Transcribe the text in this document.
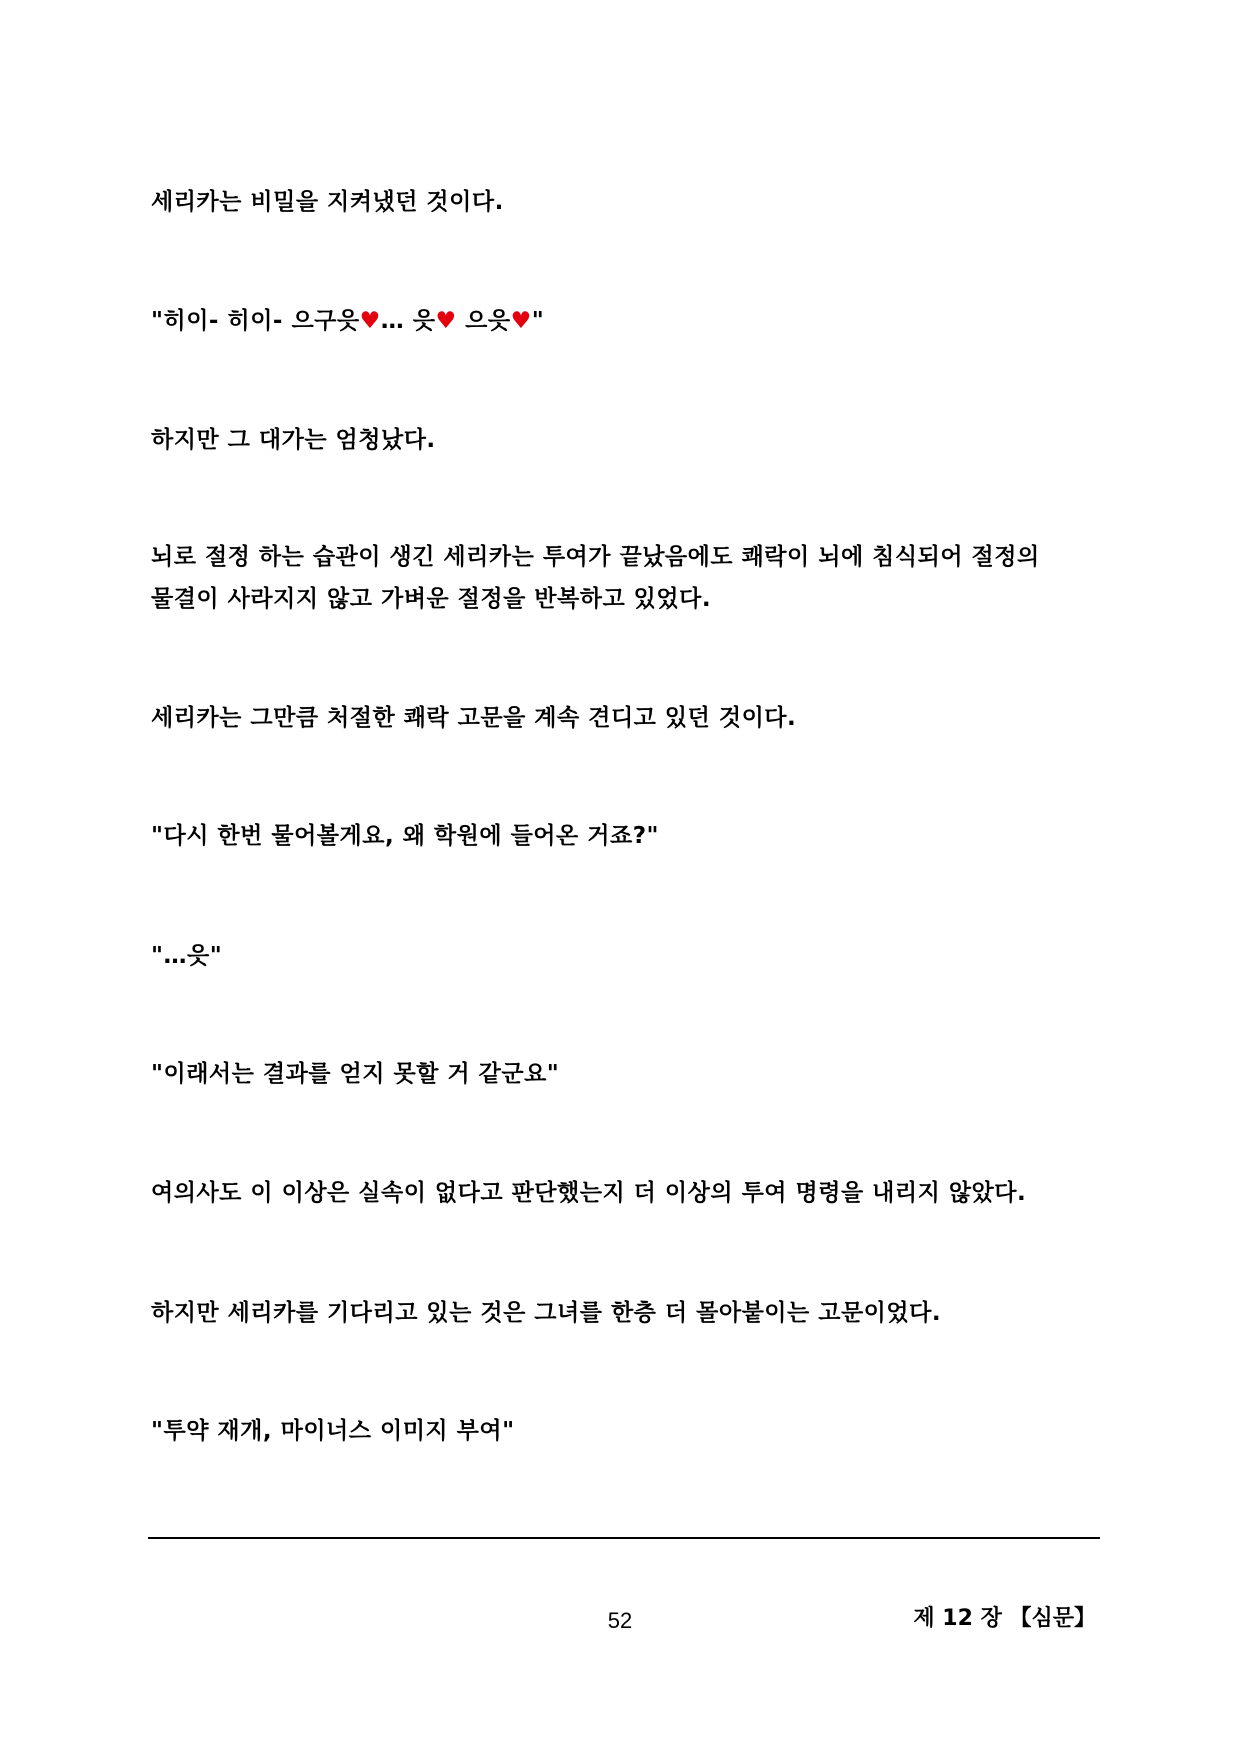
세리카는 비밀을 지켜냈던 것이다.

"히이- 히이- 으구읏♥… 읏♥ 으읏♥"

하지만 그 대가는 엄청났다.

뇌로 절정 하는 습관이 생긴 세리카는 투여가 끝났음에도 쾌락이 뇌에 침식되어 절정의 물결이 사라지지 않고 가벼운 절정을 반복하고 있었다.

세리카는 그만큼 처절한 쾌락 고문을 계속 견디고 있던 것이다.

"다시 한번 물어볼게요, 왜 학원에 들어온 거죠?"

"…읏"

"이래서는 결과를 얻지 못할 거 같군요"

여의사도 이 이상은 실속이 없다고 판단했는지 더 이상의 투여 명령을 내리지 않았다.

하지만 세리카를 기다리고 있는 것은 그녀를 한층 더 몰아붙이는 고문이었다.

"투약 재개, 마이너스 이미지 부여"

52	제 12 장 【심문】
